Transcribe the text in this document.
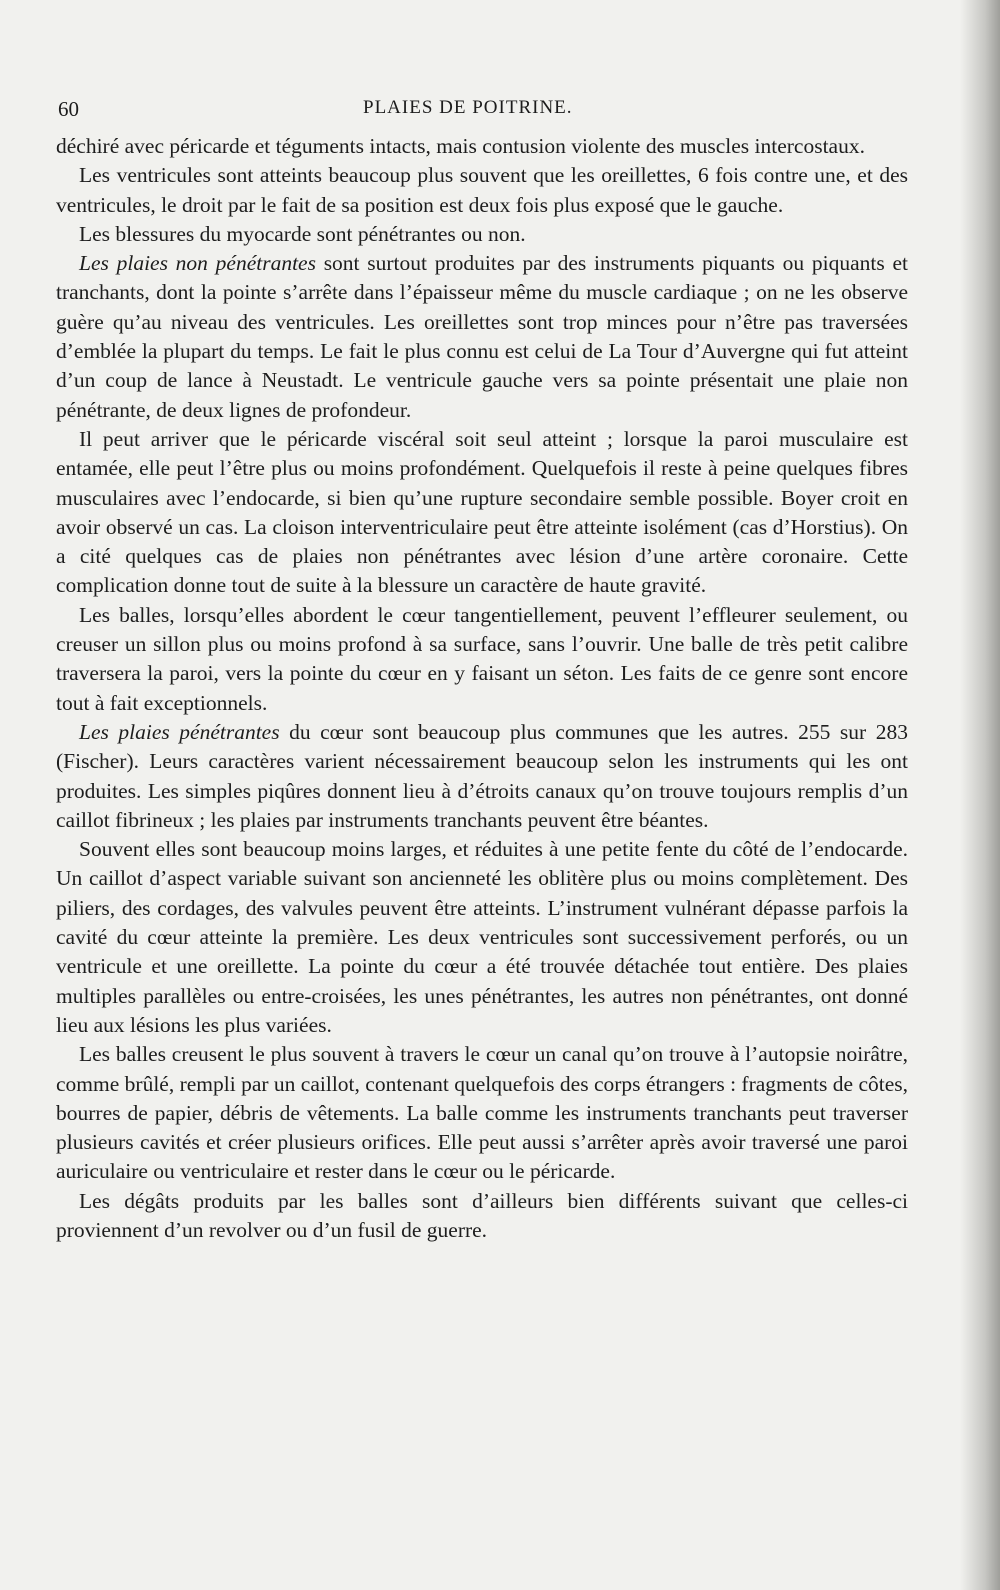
60	PLAIES DE POITRINE.

déchiré avec péricarde et téguments intacts, mais contusion violente des muscles intercostaux.

Les ventricules sont atteints beaucoup plus souvent que les oreillettes, 6 fois contre une, et des ventricules, le droit par le fait de sa position est deux fois plus exposé que le gauche.

Les blessures du myocarde sont pénétrantes ou non.

Les plaies non pénétrantes sont surtout produites par des instruments piquants ou piquants et tranchants, dont la pointe s’arrête dans l’épaisseur même du muscle cardiaque ; on ne les observe guère qu’au niveau des ventricules. Les oreillettes sont trop minces pour n’être pas traversées d’emblée la plupart du temps. Le fait le plus connu est celui de La Tour d’Auvergne qui fut atteint d’un coup de lance à Neustadt. Le ventricule gauche vers sa pointe présentait une plaie non pénétrante, de deux lignes de profondeur.

Il peut arriver que le péricarde viscéral soit seul atteint ; lorsque la paroi musculaire est entamée, elle peut l’être plus ou moins profondément. Quelquefois il reste à peine quelques fibres musculaires avec l’endocarde, si bien qu’une rupture secondaire semble possible. Boyer croit en avoir observé un cas. La cloison interventriculaire peut être atteinte isolément (cas d’Horstius). On a cité quelques cas de plaies non pénétrantes avec lésion d’une artère coronaire. Cette complication donne tout de suite à la blessure un caractère de haute gravité.

Les balles, lorsqu’elles abordent le cœur tangentiellement, peuvent l’effleurer seulement, ou creuser un sillon plus ou moins profond à sa surface, sans l’ouvrir. Une balle de très petit calibre traversera la paroi, vers la pointe du cœur en y faisant un séton. Les faits de ce genre sont encore tout à fait exceptionnels.

Les plaies pénétrantes du cœur sont beaucoup plus communes que les autres. 255 sur 283 (Fischer). Leurs caractères varient nécessairement beaucoup selon les instruments qui les ont produites. Les simples piqûres donnent lieu à d’étroits canaux qu’on trouve toujours remplis d’un caillot fibrineux ; les plaies par instruments tranchants peuvent être béantes.

Souvent elles sont beaucoup moins larges, et réduites à une petite fente du côté de l’endocarde. Un caillot d’aspect variable suivant son ancienneté les oblitère plus ou moins complètement. Des piliers, des cordages, des valvules peuvent être atteints. L’instrument vulnérant dépasse parfois la cavité du cœur atteinte la première. Les deux ventricules sont successivement perforés, ou un ventricule et une oreillette. La pointe du cœur a été trouvée détachée tout entière. Des plaies multiples parallèles ou entre-croisées, les unes pénétrantes, les autres non pénétrantes, ont donné lieu aux lésions les plus variées.

Les balles creusent le plus souvent à travers le cœur un canal qu’on trouve à l’autopsie noirâtre, comme brûlé, rempli par un caillot, contenant quelquefois des corps étrangers : fragments de côtes, bourres de papier, débris de vêtements. La balle comme les instruments tranchants peut traverser plusieurs cavités et créer plusieurs orifices. Elle peut aussi s’arrêter après avoir traversé une paroi auriculaire ou ventriculaire et rester dans le cœur ou le péricarde.

Les dégâts produits par les balles sont d’ailleurs bien différents suivant que celles-ci proviennent d’un revolver ou d’un fusil de guerre.
